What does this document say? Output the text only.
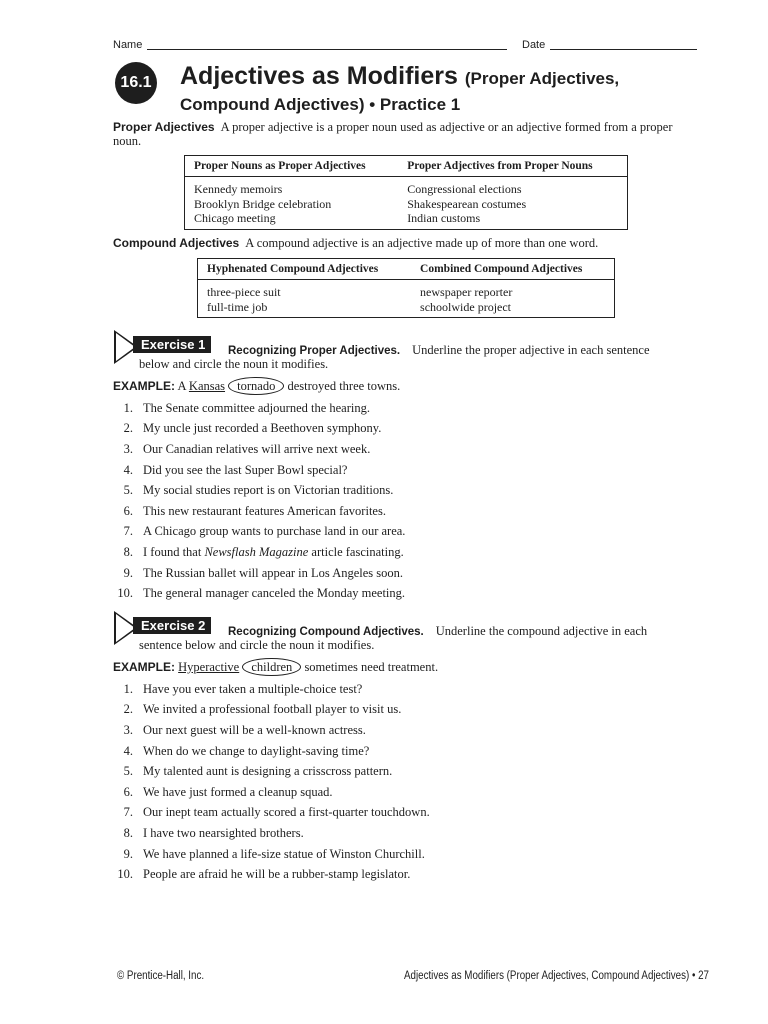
Name	Date
16.1 Adjectives as Modifiers (Proper Adjectives,
Compound Adjectives) • Practice 1
Proper Adjectives A proper adjective is a proper noun used as adjective or an adjective formed from a proper noun.
Proper Nouns as Proper Adjectives	Proper Adjectives from Proper Nouns
Kennedy memoirs	Congressional elections
Brooklyn Bridge celebration	Shakespearean costumes
Chicago meeting	Indian customs
Compound Adjectives A compound adjective is an adjective made up of more than one word.
Hyphenated Compound Adjectives	Combined Compound Adjectives
three-piece suit	newspaper reporter
full-time job	schoolwide project
Exercise 1	Recognizing Proper Adjectives. Underline the proper adjective in each sentence
below and circle the noun it modifies.
EXAMPLE: A Kansas tornado destroyed three towns.
1. The Senate committee adjourned the hearing.
2. My uncle just recorded a Beethoven symphony.
3. Our Canadian relatives will arrive next week.
4. Did you see the last Super Bowl special?
5. My social studies report is on Victorian traditions.
6. This new restaurant features American favorites.
7. A Chicago group wants to purchase land in our area.
8. I found that Newsflash Magazine article fascinating.
9. The Russian ballet will appear in Los Angeles soon.
10. The general manager canceled the Monday meeting.
Exercise 2	Recognizing Compound Adjectives. Underline the compound adjective in each
sentence below and circle the noun it modifies.
EXAMPLE: Hyperactive children sometimes need treatment.
1. Have you ever taken a multiple-choice test?
2. We invited a professional football player to visit us.
3. Our next guest will be a well-known actress.
4. When do we change to daylight-saving time?
5. My talented aunt is designing a crisscross pattern.
6. We have just formed a cleanup squad.
7. Our inept team actually scored a first-quarter touchdown.
8. I have two nearsighted brothers.
9. We have planned a life-size statue of Winston Churchill.
10. People are afraid he will be a rubber-stamp legislator.
© Prentice-Hall, Inc.	Adjectives as Modifiers (Proper Adjectives, Compound Adjectives) • 27
